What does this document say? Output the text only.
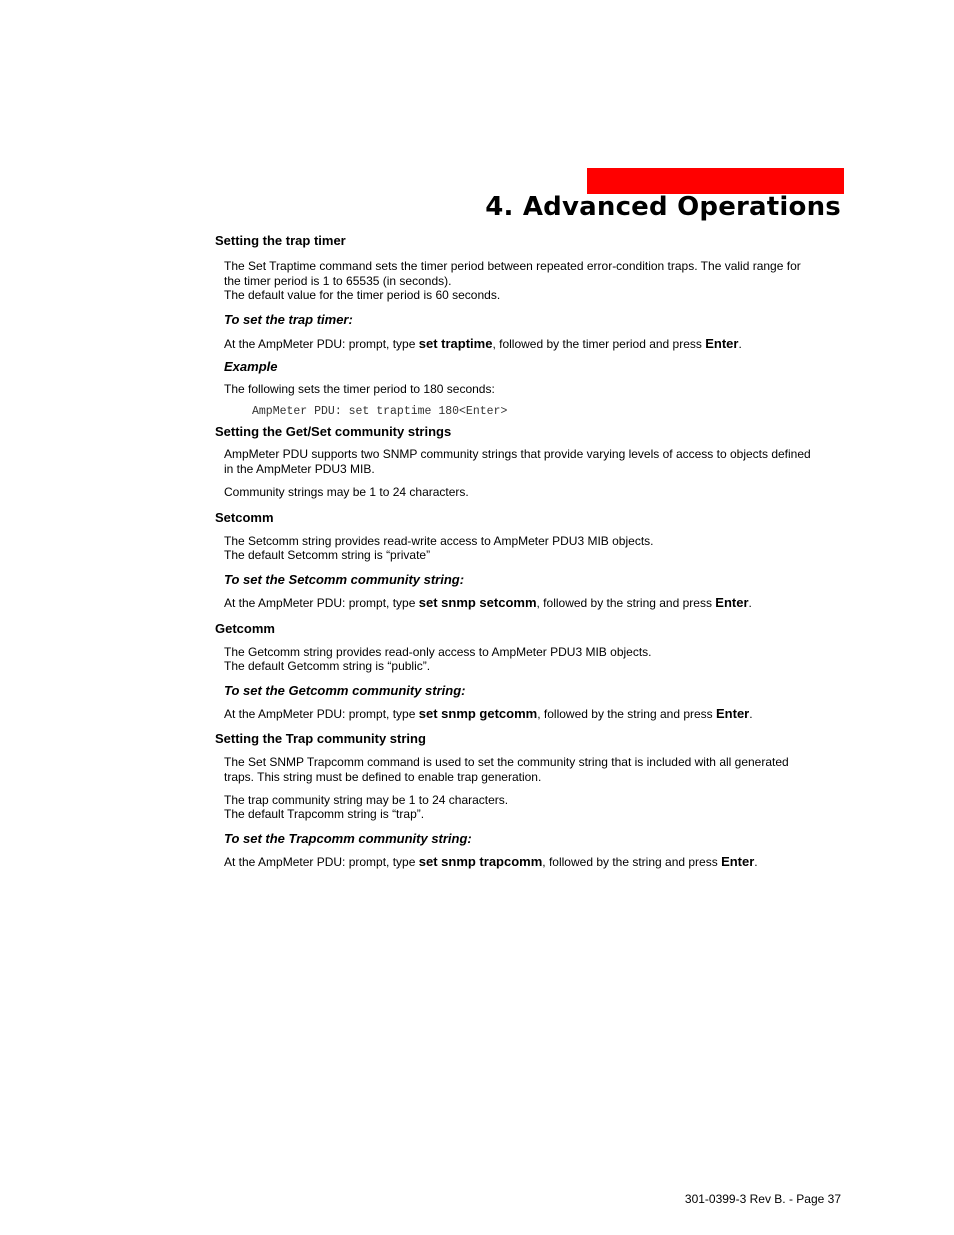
4. Advanced Operations
Setting the trap timer
The Set Traptime command sets the timer period between repeated error-condition traps. The valid range for
the timer period is 1 to 65535 (in seconds).
The default value for the timer period is 60 seconds.
To set the trap timer:
At the AmpMeter PDU: prompt, type set traptime, followed by the timer period and press Enter.
Example
The following sets the timer period to 180 seconds:
AmpMeter PDU: set traptime 180<Enter>
Setting the Get/Set community strings
AmpMeter PDU supports two SNMP community strings that provide varying levels of access to objects defined
in the AmpMeter PDU3 MIB.
Community strings may be 1 to 24 characters.
Setcomm
The Setcomm string provides read-write access to AmpMeter PDU3 MIB objects.
The default Setcomm string is “private”
To set the Setcomm community string:
At the AmpMeter PDU: prompt, type set snmp setcomm, followed by the string and press Enter.
Getcomm
The Getcomm string provides read-only access to AmpMeter PDU3 MIB objects.
The default Getcomm string is “public”.
To set the Getcomm community string:
At the AmpMeter PDU: prompt, type set snmp getcomm, followed by the string and press Enter.
Setting the Trap community string
The Set SNMP Trapcomm command is used to set the community string that is included with all generated
traps. This string must be defined to enable trap generation.
The trap community string may be 1 to 24 characters.
The default Trapcomm string is “trap”.
To set the Trapcomm community string:
At the AmpMeter PDU: prompt, type set snmp trapcomm, followed by the string and press Enter.
301-0399-3 Rev B. - Page 37
